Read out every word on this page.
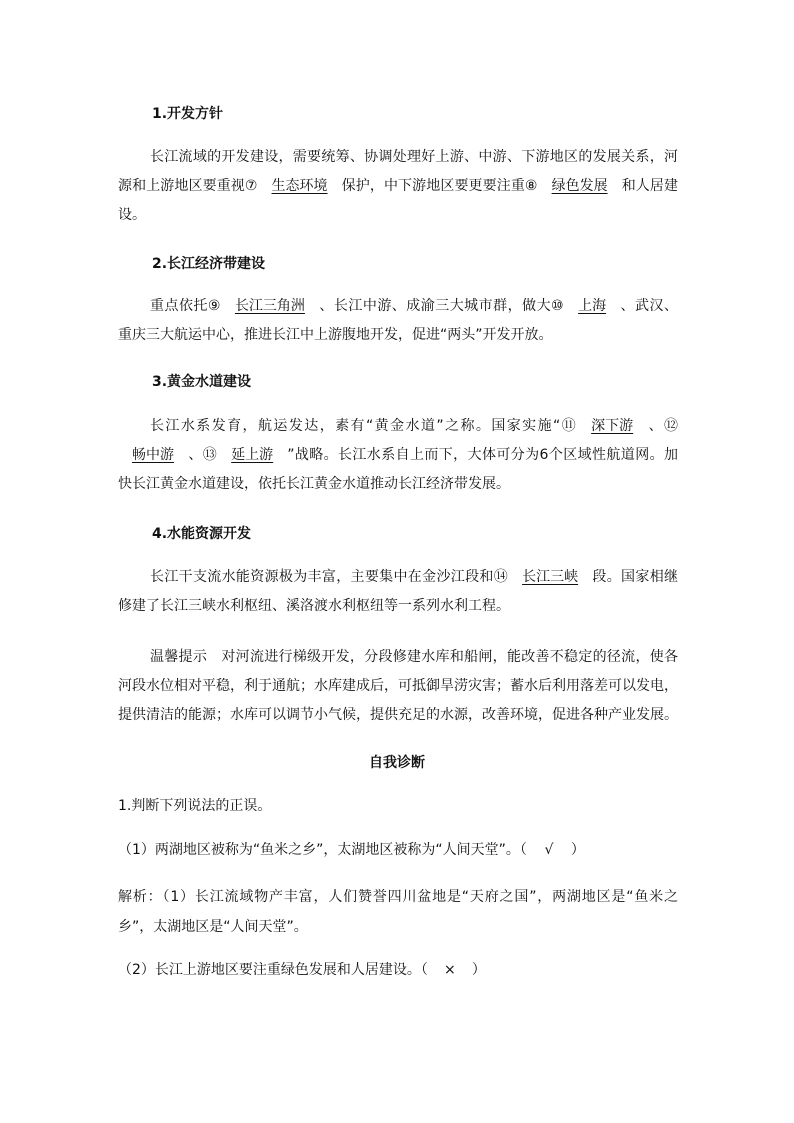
1.开发方针
长江流域的开发建设，需要统筹、协调处理好上游、中游、下游地区的发展关系，河源和上游地区要重视⑦ 生态环境 保护，中下游地区要更要注重⑧ 绿色发展 和人居建设。
2.长江经济带建设
重点依托⑨ 长江三角洲 、长江中游、成渝三大城市群，做大⑩ 上海 、武汉、重庆三大航运中心，推进长江中上游腹地开发，促进“两头”开发开放。
3.黄金水道建设
长江水系发育，航运发达，素有“黄金水道”之称。国家实施“⑪ 深下游 、⑫畅中游 、⑬ 延上游 ”战略。长江水系自上而下，大体可分为6个区域性航道网。加快长江黄金水道建设，依托长江黄金水道推动长江经济带发展。
4.水能资源开发
长江干支流水能资源极为丰富，主要集中在金沙江段和⑭ 长江三峡 段。国家相继修建了长江三峡水利枢纽、溪洛渡水利枢纽等一系列水利工程。
温馨提示　对河流进行梯级开发，分段修建水库和船闸，能改善不稳定的径流，使各河段水位相对平稳，利于通航；水库建成后，可抵御旱涝灾害；蓄水后利用落差可以发电，提供清洁的能源；水库可以调节小气候，提供充足的水源，改善环境，促进各种产业发展。
自我诊断
1.判断下列说法的正误。
（1）两湖地区被称为“鱼米之乡”，太湖地区被称为“人间天堂”。（ √ ）
解析：（1）长江流域物产丰富，人们赞誉四川盆地是“天府之国”，两湖地区是“鱼米之乡”，太湖地区是“人间天堂”。
（2）长江上游地区要注重绿色发展和人居建设。（ × ）
